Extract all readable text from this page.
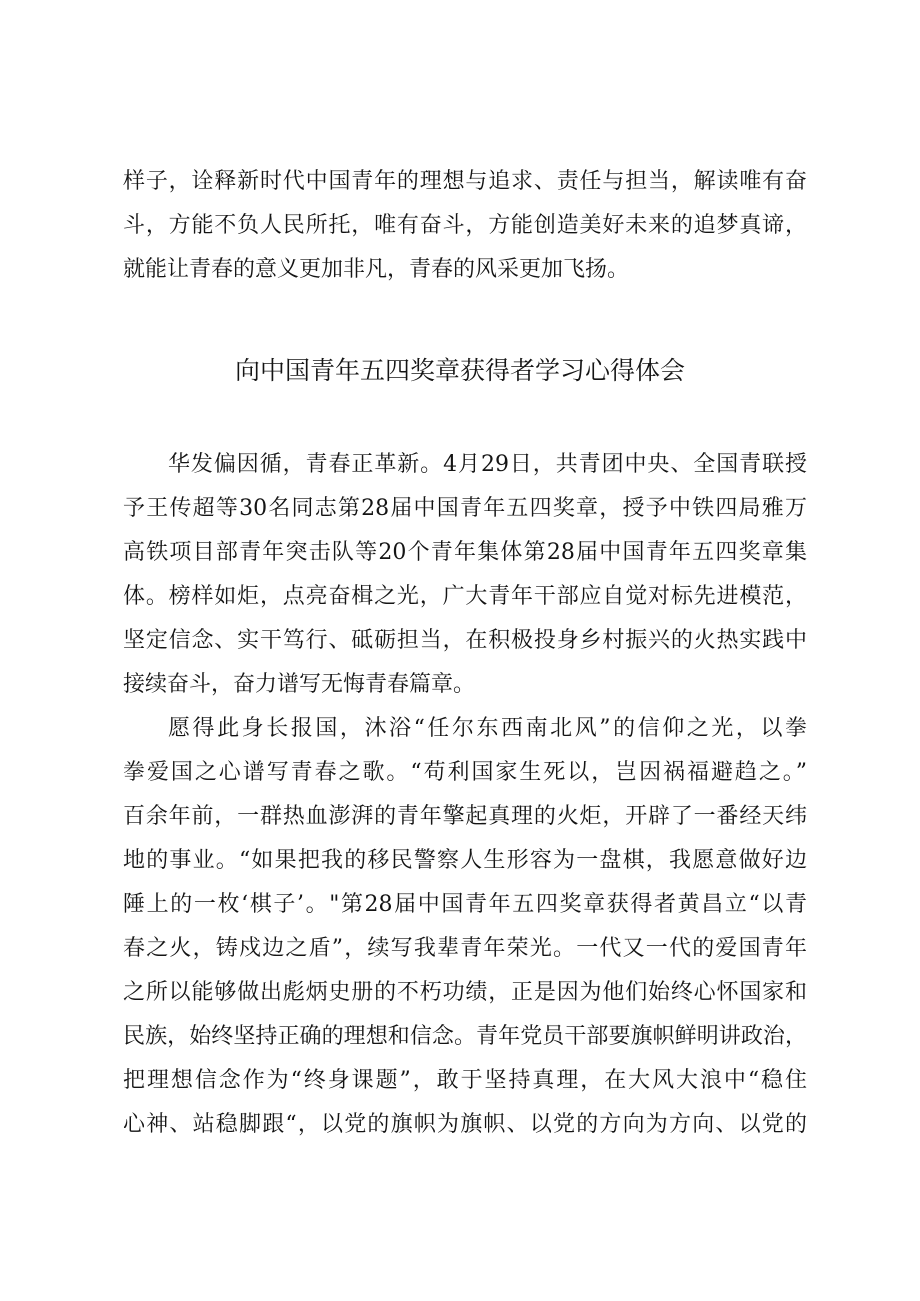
样子，诠释新时代中国青年的理想与追求、责任与担当，解读唯有奋

斗，方能不负人民所托，唯有奋斗，方能创造美好未来的追梦真谛，

就能让青春的意义更加非凡，青春的风采更加飞扬。

向中国青年五四奖章获得者学习心得体会

华发偏因循，青春正革新。4月29日，共青团中央、全国青联授

予王传超等30名同志第28届中国青年五四奖章，授予中铁四局雅万

高铁项目部青年突击队等20个青年集体第28届中国青年五四奖章集

体。榜样如炬，点亮奋楫之光，广大青年干部应自觉对标先进模范，

坚定信念、实干笃行、砥砺担当，在积极投身乡村振兴的火热实践中

接续奋斗，奋力谱写无悔青春篇章。

愿得此身长报国，沐浴“任尔东西南北风”的信仰之光，以拳

拳爱国之心谱写青春之歌。“苟利国家生死以，岂因祸福避趋之。”

百余年前，一群热血澎湃的青年擎起真理的火炬，开辟了一番经天纬

地的事业。“如果把我的移民警察人生形容为一盘棋，我愿意做好边

陲上的一枚‘棋子’。"第28届中国青年五四奖章获得者黄昌立“以青

春之火，铸戍边之盾”，续写我辈青年荣光。一代又一代的爱国青年

之所以能够做出彪炳史册的不朽功绩，正是因为他们始终心怀国家和

民族，始终坚持正确的理想和信念。青年党员干部要旗帜鲜明讲政治，

把理想信念作为“终身课题”，敢于坚持真理，在大风大浪中“稳住

心神、站稳脚跟“，以党的旗帜为旗帜、以党的方向为方向、以党的
